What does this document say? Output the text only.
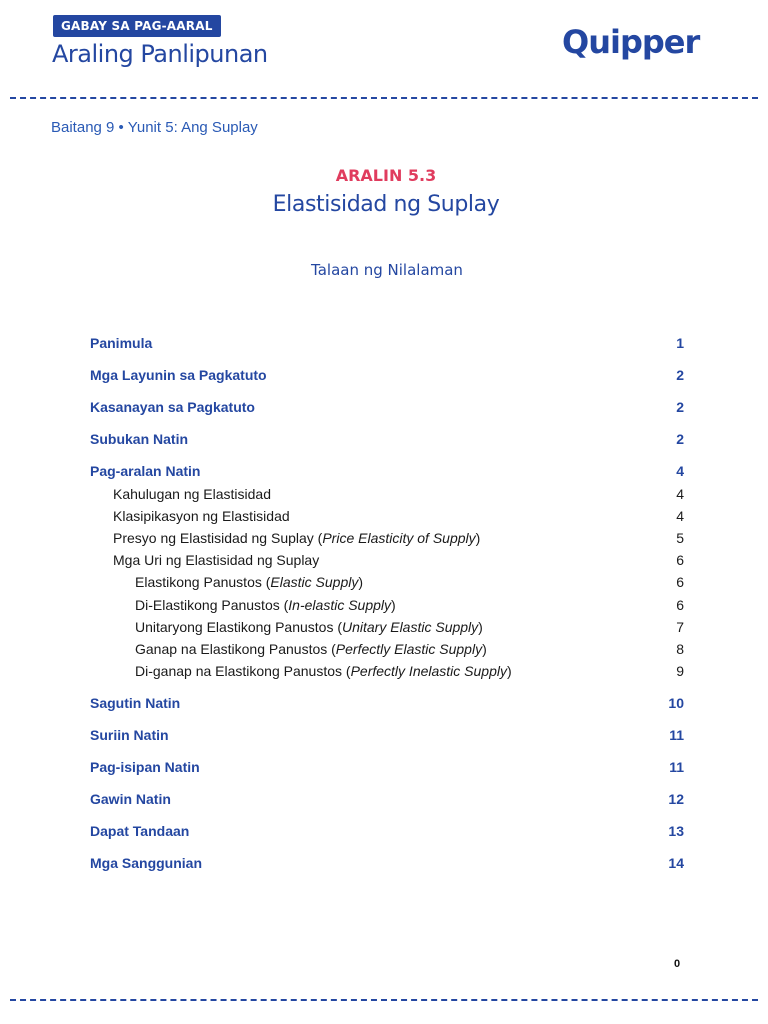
GABAY SA PAG-AARAL
Araling Panlipunan	Quipper
Baitang 9 • Yunit 5: Ang Suplay
ARALIN 5.3
Elastisidad ng Suplay
Talaan ng Nilalaman
Panimula	1
Mga Layunin sa Pagkatuto	2
Kasanayan sa Pagkatuto	2
Subukan Natin	2
Pag-aralan Natin	4
Kahulugan ng Elastisidad	4
Klasipikasyon ng Elastisidad	4
Presyo ng Elastisidad ng Suplay (Price Elasticity of Supply)	5
Mga Uri ng Elastisidad ng Suplay	6
Elastikong Panustos (Elastic Supply)	6
Di-Elastikong Panustos (In-elastic Supply)	6
Unitaryong Elastikong Panustos (Unitary Elastic Supply)	7
Ganap na Elastikong Panustos (Perfectly Elastic Supply)	8
Di-ganap na Elastikong Panustos (Perfectly Inelastic Supply)	9
Sagutin Natin	10
Suriin Natin	11
Pag-isipan Natin	11
Gawin Natin	12
Dapat Tandaan	13
Mga Sanggunian	14
0
